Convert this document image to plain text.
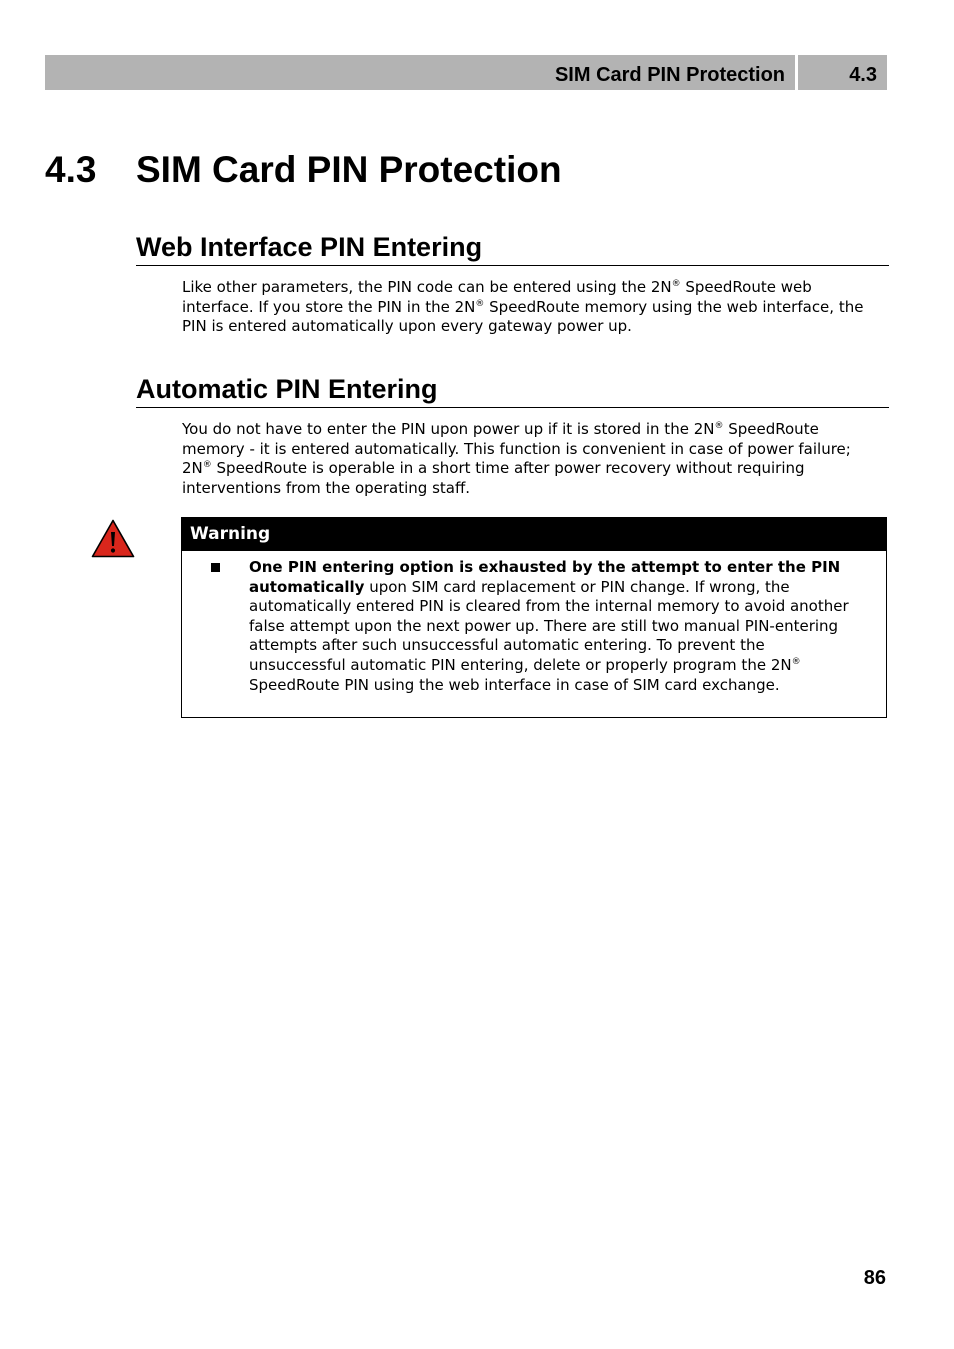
SIM Card PIN Protection	4.3
4.3 SIM Card PIN Protection
Web Interface PIN Entering

Like other parameters, the PIN code can be entered using the 2N® SpeedRoute web interface. If you store the PIN in the 2N® SpeedRoute memory using the web interface, the PIN is entered automatically upon every gateway power up.

Automatic PIN Entering

You do not have to enter the PIN upon power up if it is stored in the 2N® SpeedRoute memory - it is entered automatically. This function is convenient in case of power failure; 2N® SpeedRoute is operable in a short time after power recovery without requiring interventions from the operating staff.

Warning
One PIN entering option is exhausted by the attempt to enter the PIN automatically upon SIM card replacement or PIN change. If wrong, the automatically entered PIN is cleared from the internal memory to avoid another false attempt upon the next power up. There are still two manual PIN-entering attempts after such unsuccessful automatic entering. To prevent the unsuccessful automatic PIN entering, delete or properly program the 2N® SpeedRoute PIN using the web interface in case of SIM card exchange.
86
